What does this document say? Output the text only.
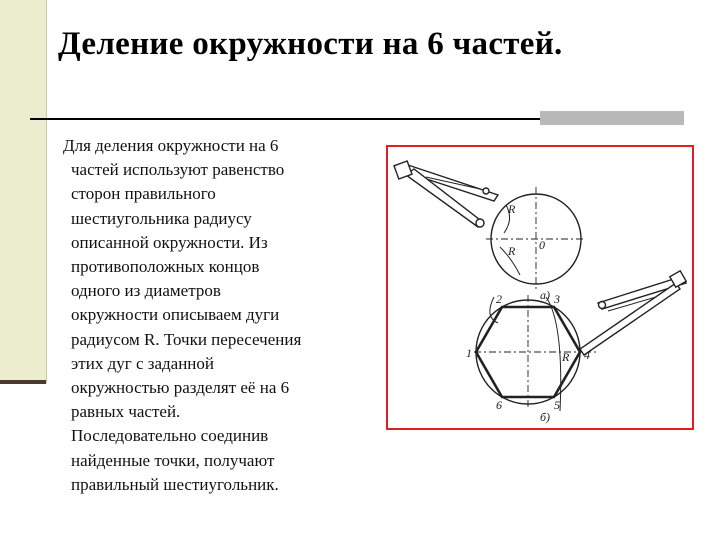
Деление окружности на 6 частей.
Для деления окружности на 6
частей используют равенство
сторон правильного
шестиугольника радиусу
описанной окружности. Из
противоположных концов
одного из диаметров
окружности описываем дуги
радиусом R. Точки пересечения
этих дуг с заданной
окружностью разделят её на 6
равных частей.
Последовательно соединив
найденные точки, получают
правильный шестиугольник.
а)
б)
R
R 0
R
1
2	3
4
5
6
